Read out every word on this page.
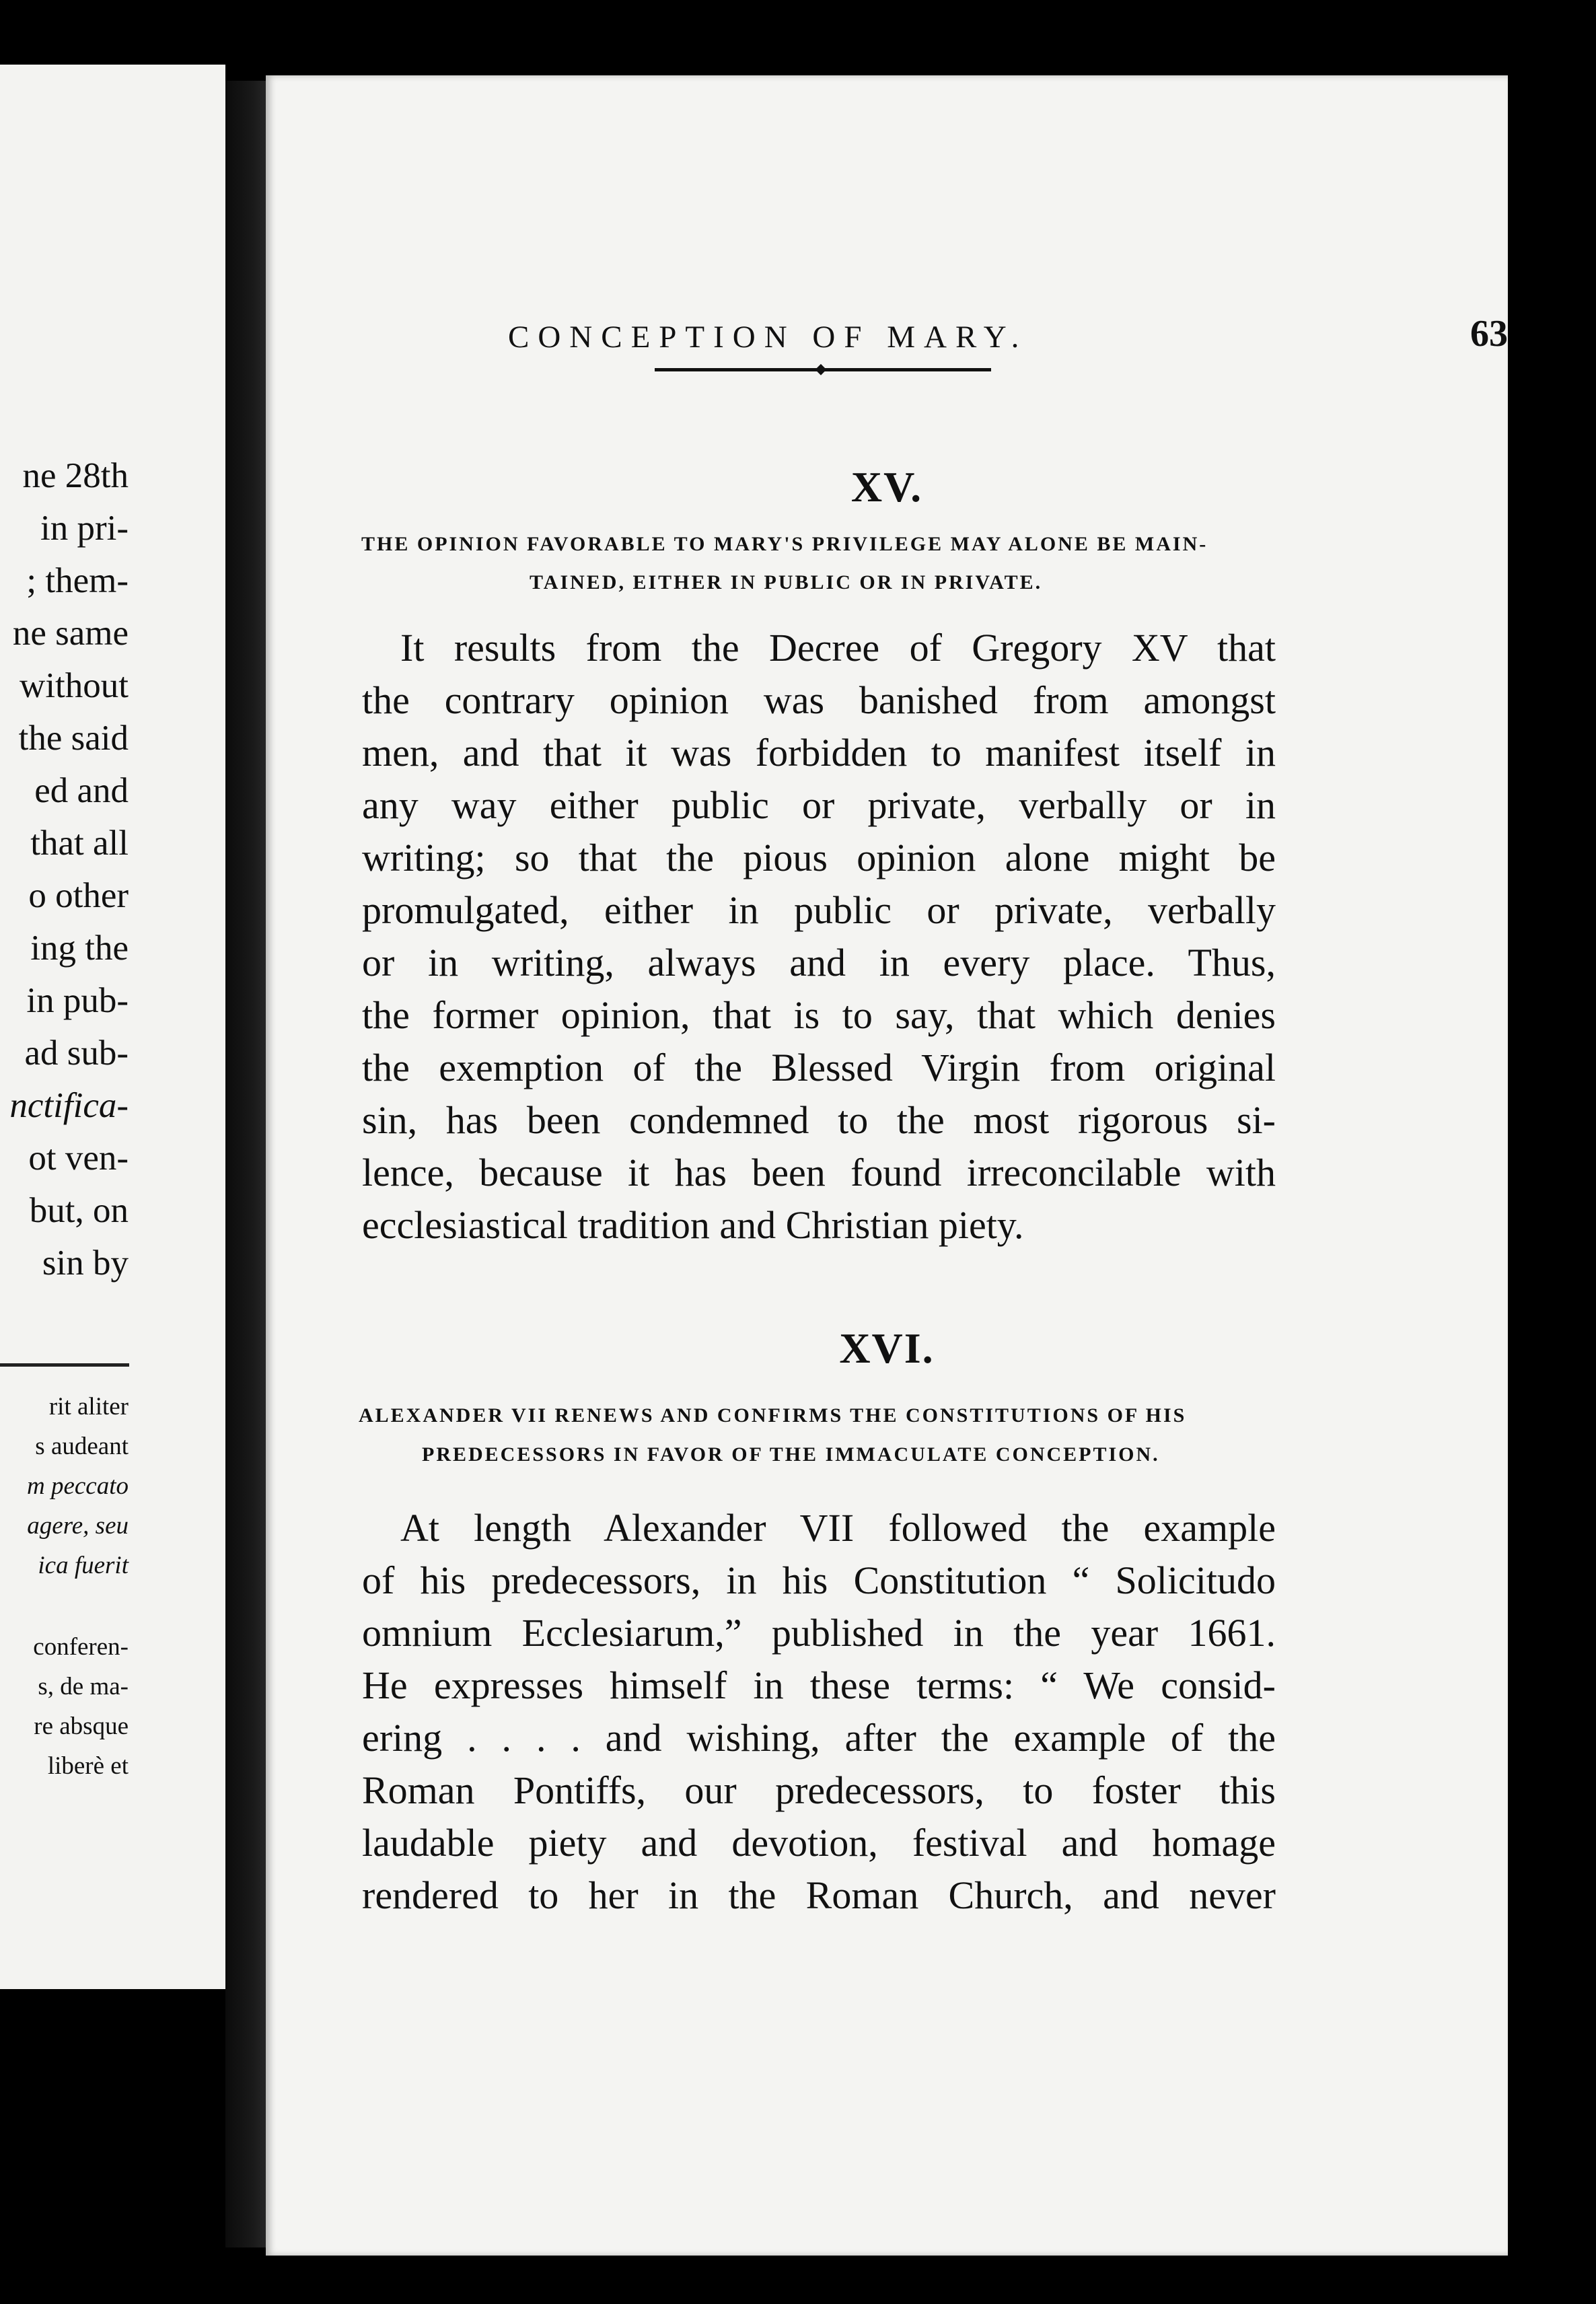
ne 28th
in pri-
; them-
ne same
without
the said
ed and
that all
o other
ing the
in pub-
ad sub-
nctifica-
ot ven-
but, on
sin by
rit aliter
s audeant
m peccato
agere, seu
ica fuerit
conferen-
s, de ma-
re absque
liberè et
CONCEPTION OF MARY.	63
◆
XV.
THE OPINION FAVORABLE TO MARY'S PRIVILEGE MAY ALONE BE MAIN-
TAINED, EITHER IN PUBLIC OR IN PRIVATE.
It results from the Decree of Gregory XV that
the contrary opinion was banished from amongst
men, and that it was forbidden to manifest itself in
any way either public or private, verbally or in
writing; so that the pious opinion alone might be
promulgated, either in public or private, verbally
or in writing, always and in every place. Thus,
the former opinion, that is to say, that which denies
the exemption of the Blessed Virgin from original
sin, has been condemned to the most rigorous si-
lence, because it has been found irreconcilable with
ecclesiastical tradition and Christian piety.
XVI.
ALEXANDER VII RENEWS AND CONFIRMS THE CONSTITUTIONS OF HIS
PREDECESSORS IN FAVOR OF THE IMMACULATE CONCEPTION.
At length Alexander VII followed the example
of his predecessors, in his Constitution “ Solicitudo
omnium Ecclesiarum,” published in the year 1661.
He expresses himself in these terms: “ We consid-
ering . . . . and wishing, after the example of the
Roman Pontiffs, our predecessors, to foster this
laudable piety and devotion, festival and homage
rendered to her in the Roman Church, and never
